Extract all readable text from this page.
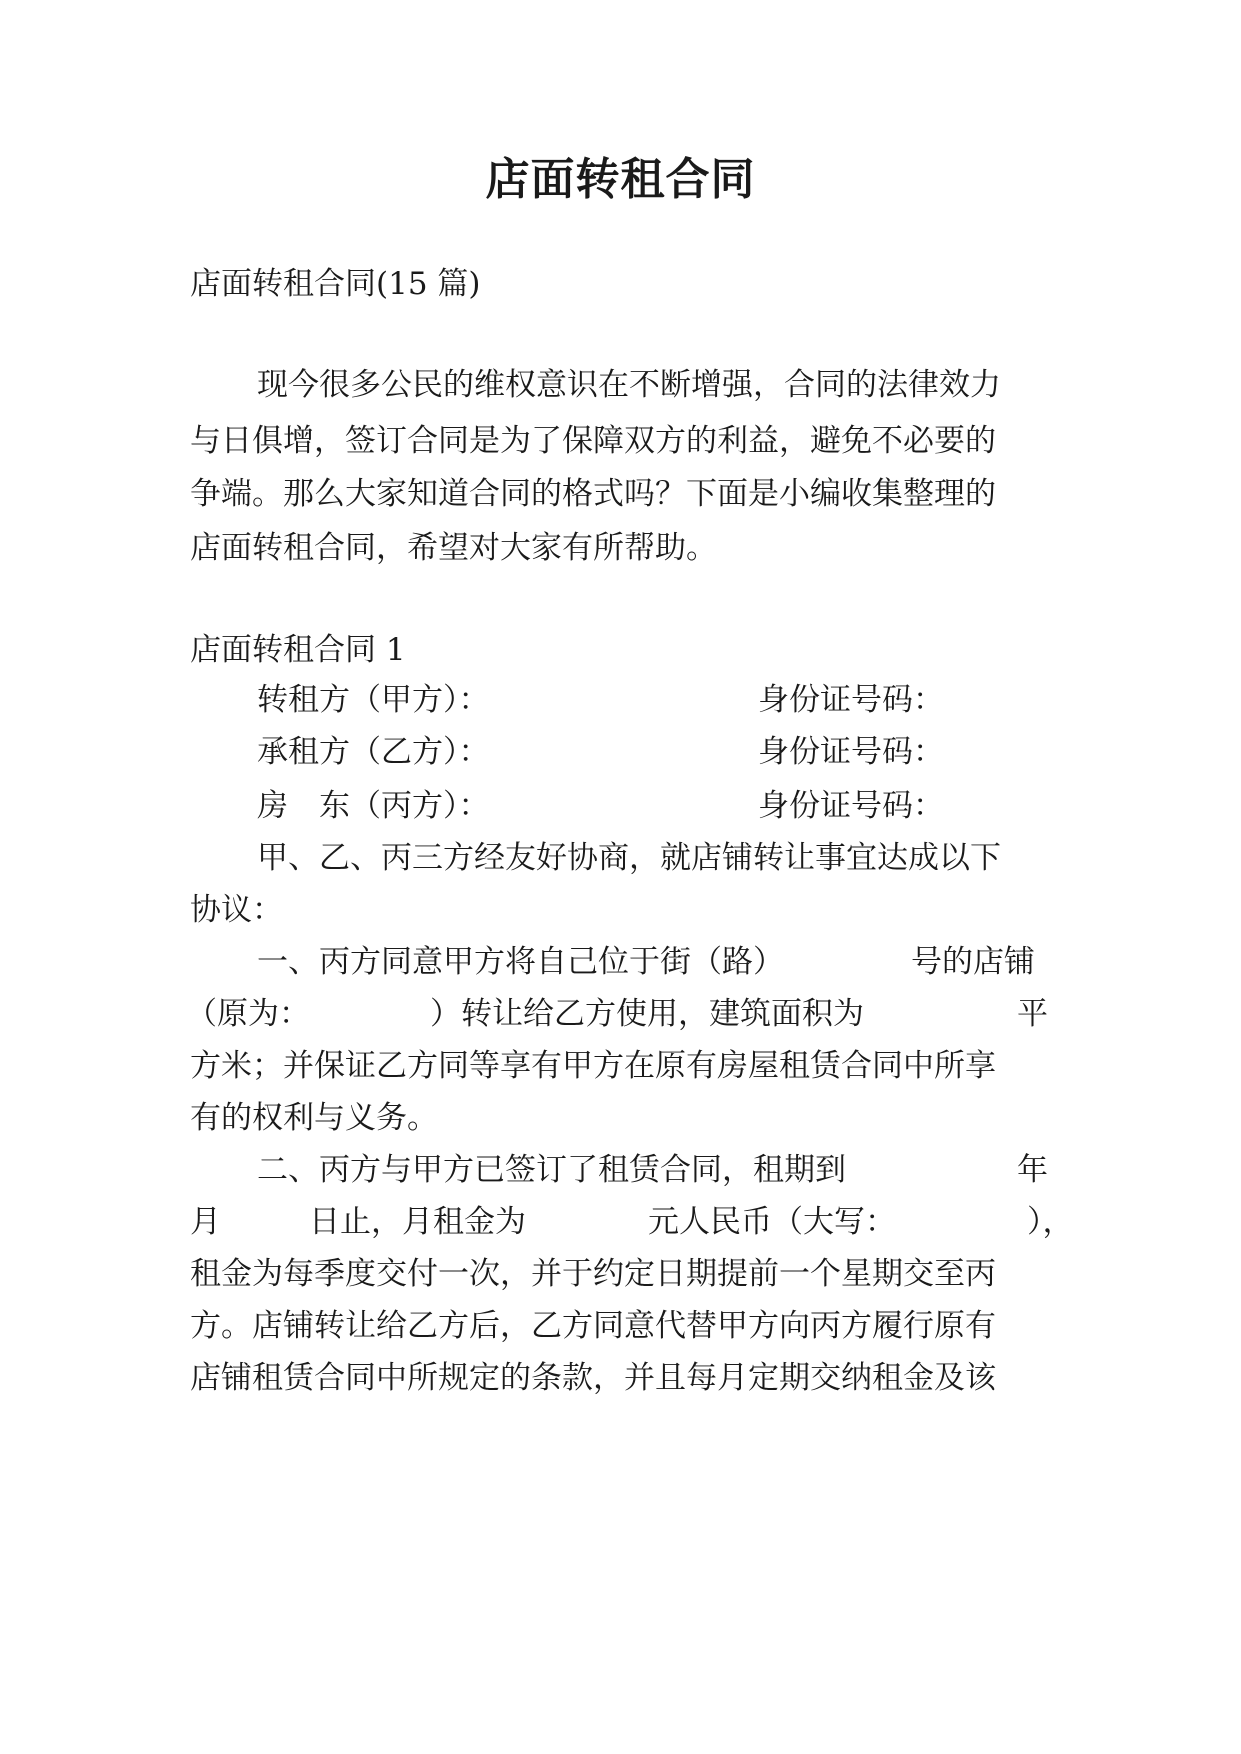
店面转租合同

店面转租合同(15 篇)

现今很多公民的维权意识在不断增强，合同的法律效力

与日俱增，签订合同是为了保障双方的利益，避免不必要的

争端。那么大家知道合同的格式吗？下面是小编收集整理的

店面转租合同，希望对大家有所帮助。

店面转租合同 1

转租方（甲方）：	身份证号码：

承租方（乙方）：	身份证号码：

房　东（丙方）：	身份证号码：

甲、乙、丙三方经友好协商，就店铺转让事宜达成以下

协议：

一、丙方同意甲方将自己位于街（路）	号的店铺

（原为：	）转让给乙方使用，建筑面积为	平

方米；并保证乙方同等享有甲方在原有房屋租赁合同中所享

有的权利与义务。

二、丙方与甲方已签订了租赁合同，租期到	年

月	日止，月租金为	元人民币（大写：	），

租金为每季度交付一次，并于约定日期提前一个星期交至丙

方。店铺转让给乙方后，乙方同意代替甲方向丙方履行原有

店铺租赁合同中所规定的条款，并且每月定期交纳租金及该
